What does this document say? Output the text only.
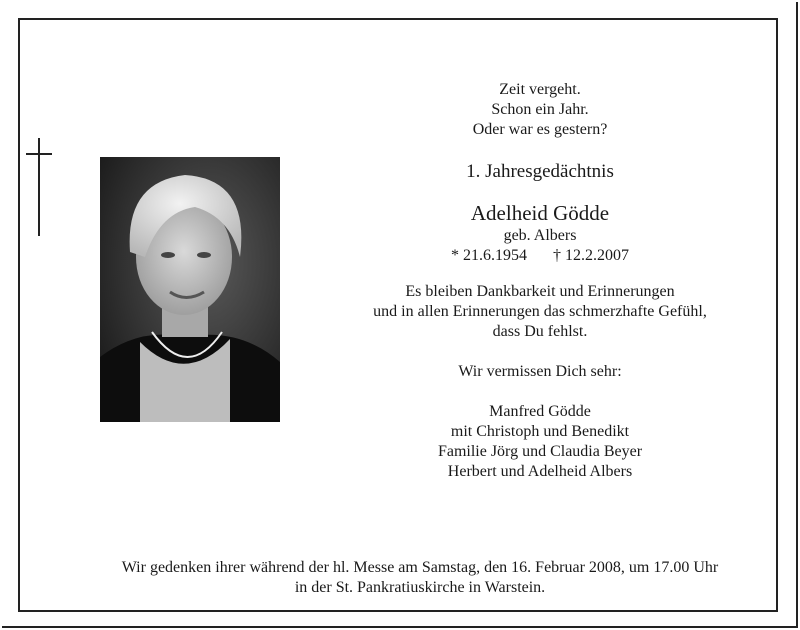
Zeit vergeht.
Schon ein Jahr.
Oder war es gestern?
1. Jahresgedächtnis
Adelheid Gödde
geb. Albers
* 21.6.1954 † 12.2.2007
Es bleiben Dankbarkeit und Erinnerungen
und in allen Erinnerungen das schmerzhafte Gefühl,
dass Du fehlst.
Wir vermissen Dich sehr:
Manfred Gödde
mit Christoph und Benedikt
Familie Jörg und Claudia Beyer
Herbert und Adelheid Albers
Wir gedenken ihrer während der hl. Messe am Samstag, den 16. Februar 2008, um 17.00 Uhr
in der St. Pankratiuskirche in Warstein.
